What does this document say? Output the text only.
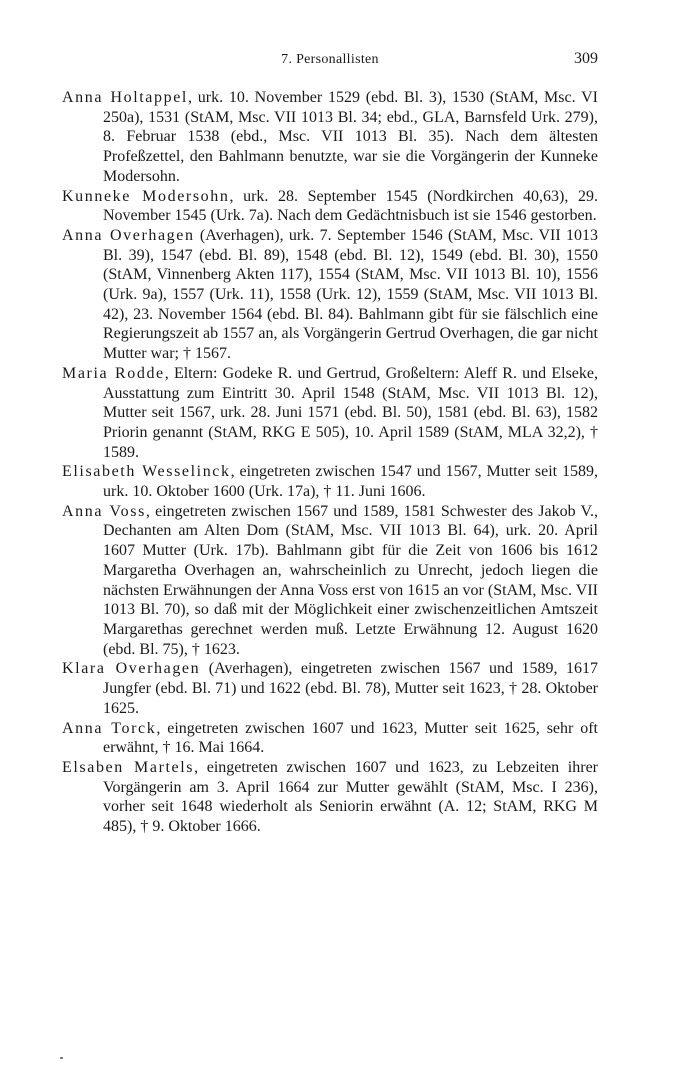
7. Personallisten	309

Anna Holtappel, urk. 10. November 1529 (ebd. Bl. 3), 1530 (StAM, Msc. VI 250a), 1531 (StAM, Msc. VII 1013 Bl. 34; ebd., GLA, Barnsfeld Urk. 279), 8. Februar 1538 (ebd., Msc. VII 1013 Bl. 35). Nach dem ältesten Profeßzettel, den Bahlmann benutzte, war sie die Vorgängerin der Kunneke Modersohn.

Kunneke Modersohn, urk. 28. September 1545 (Nordkirchen 40,63), 29. November 1545 (Urk. 7a). Nach dem Gedächtnisbuch ist sie 1546 gestorben.

Anna Overhagen (Averhagen), urk. 7. September 1546 (StAM, Msc. VII 1013 Bl. 39), 1547 (ebd. Bl. 89), 1548 (ebd. Bl. 12), 1549 (ebd. Bl. 30), 1550 (StAM, Vinnenberg Akten 117), 1554 (StAM, Msc. VII 1013 Bl. 10), 1556 (Urk. 9a), 1557 (Urk. 11), 1558 (Urk. 12), 1559 (StAM, Msc. VII 1013 Bl. 42), 23. November 1564 (ebd. Bl. 84). Bahlmann gibt für sie fälschlich eine Regierungszeit ab 1557 an, als Vorgängerin Gertrud Overhagen, die gar nicht Mutter war; † 1567.

Maria Rodde, Eltern: Godeke R. und Gertrud, Großeltern: Aleff R. und Elseke, Ausstattung zum Eintritt 30. April 1548 (StAM, Msc. VII 1013 Bl. 12), Mutter seit 1567, urk. 28. Juni 1571 (ebd. Bl. 50), 1581 (ebd. Bl. 63), 1582 Priorin genannt (StAM, RKG E 505), 10. April 1589 (StAM, MLA 32,2), † 1589.

Elisabeth Wesselinck, eingetreten zwischen 1547 und 1567, Mutter seit 1589, urk. 10. Oktober 1600 (Urk. 17a), † 11. Juni 1606.

Anna Voss, eingetreten zwischen 1567 und 1589, 1581 Schwester des Jakob V., Dechanten am Alten Dom (StAM, Msc. VII 1013 Bl. 64), urk. 20. April 1607 Mutter (Urk. 17b). Bahlmann gibt für die Zeit von 1606 bis 1612 Margaretha Overhagen an, wahrscheinlich zu Unrecht, jedoch liegen die nächsten Erwähnungen der Anna Voss erst von 1615 an vor (StAM, Msc. VII 1013 Bl. 70), so daß mit der Möglichkeit einer zwischenzeitlichen Amtszeit Margarethas gerechnet werden muß. Letzte Erwähnung 12. August 1620 (ebd. Bl. 75), † 1623.

Klara Overhagen (Averhagen), eingetreten zwischen 1567 und 1589, 1617 Jungfer (ebd. Bl. 71) und 1622 (ebd. Bl. 78), Mutter seit 1623, † 28. Oktober 1625.

Anna Torck, eingetreten zwischen 1607 und 1623, Mutter seit 1625, sehr oft erwähnt, † 16. Mai 1664.

Elsaben Martels, eingetreten zwischen 1607 und 1623, zu Lebzeiten ihrer Vorgängerin am 3. April 1664 zur Mutter gewählt (StAM, Msc. I 236), vorher seit 1648 wiederholt als Seniorin erwähnt (A. 12; StAM, RKG M 485), † 9. Oktober 1666.
